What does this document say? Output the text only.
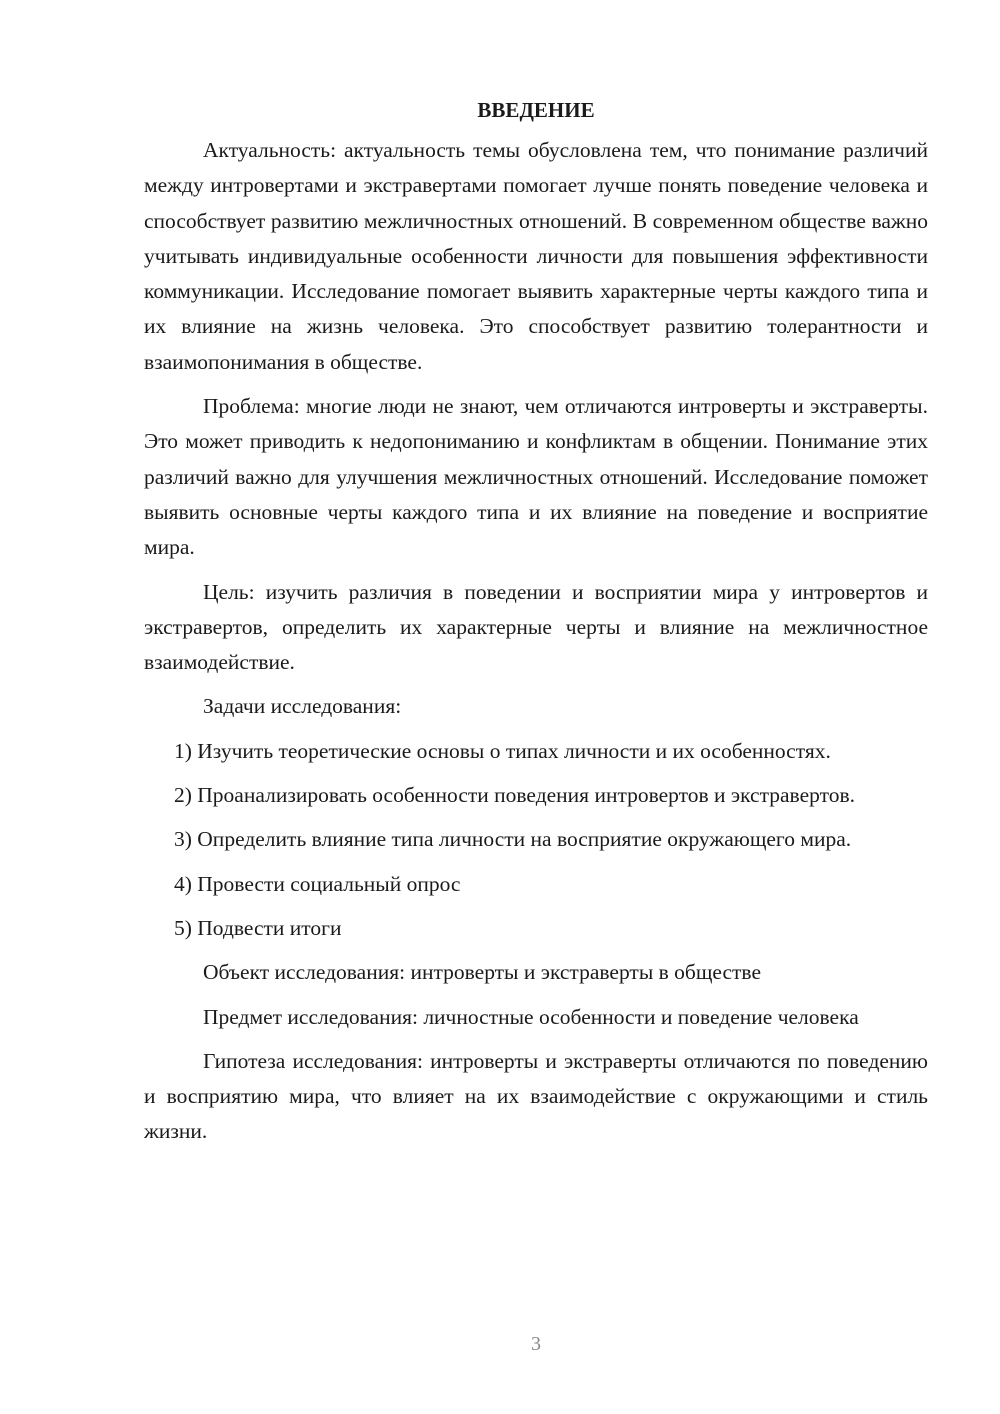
ВВЕДЕНИЕ

Актуальность: актуальность темы обусловлена тем, что понимание различий между интровертами и экстравертами помогает лучше понять поведение человека и способствует развитию межличностных отношений. В современном обществе важно учитывать индивидуальные особенности личности для повышения эффективности коммуникации. Исследование помогает выявить характерные черты каждого типа и их влияние на жизнь человека. Это способствует развитию толерантности и взаимопонимания в обществе.

Проблема: многие люди не знают, чем отличаются интроверты и экстраверты. Это может приводить к недопониманию и конфликтам в общении. Понимание этих различий важно для улучшения межличностных отношений. Исследование поможет выявить основные черты каждого типа и их влияние на поведение и восприятие мира.

Цель: изучить различия в поведении и восприятии мира у интровертов и экстравертов, определить их характерные черты и влияние на межличностное взаимодействие.

Задачи исследования:

1) Изучить теоретические основы о типах личности и их особенностях.

2) Проанализировать особенности поведения интровертов и экстравертов.

3) Определить влияние типа личности на восприятие окружающего мира.

4) Провести социальный опрос

5) Подвести итоги

Объект исследования: интроверты и экстраверты в обществе

Предмет исследования: личностные особенности и поведение человека

Гипотеза исследования: интроверты и экстраверты отличаются по поведению и восприятию мира, что влияет на их взаимодействие с окружающими и стиль жизни.

3
